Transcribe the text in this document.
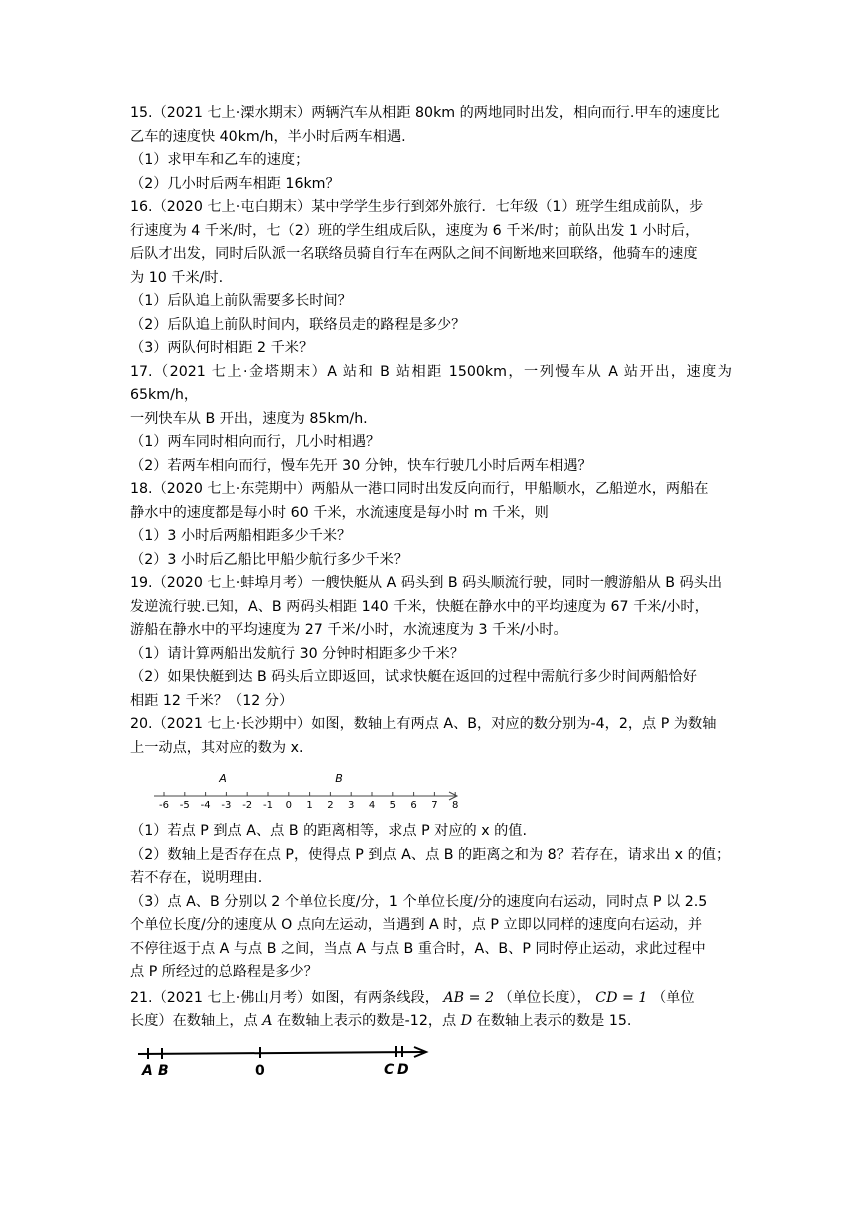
15.（2021 七上·溧水期末）两辆汽车从相距 80km 的两地同时出发，相向而行.甲车的速度比

乙车的速度快 40km/h，半小时后两车相遇.

（1）求甲车和乙车的速度；

（2）几小时后两车相距 16km？

16.（2020 七上·屯白期末）某中学学生步行到郊外旅行．七年级（1）班学生组成前队，步

行速度为 4 千米/时，七（2）班的学生组成后队，速度为 6 千米/时；前队出发 1 小时后，

后队才出发，同时后队派一名联络员骑自行车在两队之间不间断地来回联络，他骑车的速度

为 10 千米/时.

（1）后队追上前队需要多长时间？

（2）后队追上前队时间内，联络员走的路程是多少？

（3）两队何时相距 2 千米？

17.（2021 七上·金塔期末）A 站和 B 站相距 1500km，一列慢车从 A 站开出，速度为 65km/h，

一列快车从 B 开出，速度为 85km/h.

（1）两车同时相向而行，几小时相遇？

（2）若两车相向而行，慢车先开 30 分钟，快车行驶几小时后两车相遇？

18.（2020 七上·东莞期中）两船从一港口同时出发反向而行，甲船顺水，乙船逆水，两船在

静水中的速度都是每小时 60 千米，水流速度是每小时 m 千米，则

（1）3 小时后两船相距多少千米？

（2）3 小时后乙船比甲船少航行多少千米？

19.（2020 七上·蚌埠月考）一艘快艇从 A 码头到 B 码头顺流行驶，同时一艘游船从 B 码头出

发逆流行驶.已知，A、B 两码头相距 140 千米，快艇在静水中的平均速度为 67 千米/小时，

游船在静水中的平均速度为 27 千米/小时，水流速度为 3 千米/小时。

（1）请计算两船出发航行 30 分钟时相距多少千米？

（2）如果快艇到达 B 码头后立即返回，试求快艇在返回的过程中需航行多少时间两船恰好

相距 12 千米？（12 分）

20.（2021 七上·长沙期中）如图，数轴上有两点 A、B，对应的数分别为-4，2，点 P 为数轴

上一动点，其对应的数为 x.

-6 -5 -4 -3 -2 -1 0 1 2 3 4 5 6 7 8
A	B

（1）若点 P 到点 A、点 B 的距离相等，求点 P 对应的 x 的值.

（2）数轴上是否存在点 P，使得点 P 到点 A、点 B 的距离之和为 8？若存在，请求出 x 的值；

若不存在，说明理由.

（3）点 A、B 分别以 2 个单位长度/分，1 个单位长度/分的速度向右运动，同时点 P 以 2.5

个单位长度/分的速度从 O 点向左运动，当遇到 A 时，点 P 立即以同样的速度向右运动，并

不停往返于点 A 与点 B 之间，当点 A 与点 B 重合时，A、B、P 同时停止运动，求此过程中

点 P 所经过的总路程是多少？

21.（2021 七上·佛山月考）如图，有两条线段， AB = 2 （单位长度）， CD = 1 （单位

长度）在数轴上，点 A 在数轴上表示的数是-12，点 D 在数轴上表示的数是 15.

A B	0	C D
